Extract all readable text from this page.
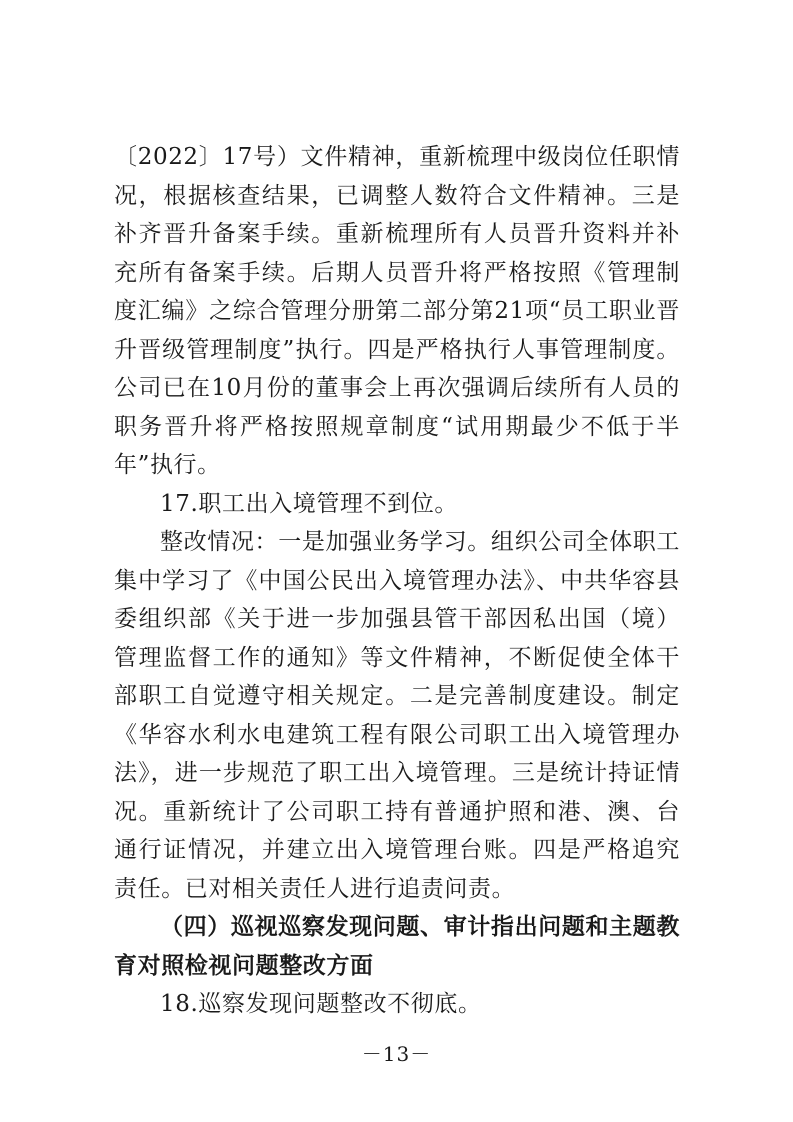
〔2022〕17号）文件精神，重新梳理中级岗位任职情况，根据核查结果，已调整人数符合文件精神。三是补齐晋升备案手续。重新梳理所有人员晋升资料并补充所有备案手续。后期人员晋升将严格按照《管理制度汇编》之综合管理分册第二部分第21项“员工职业晋升晋级管理制度”执行。四是严格执行人事管理制度。公司已在10月份的董事会上再次强调后续所有人员的职务晋升将严格按照规章制度“试用期最少不低于半年”执行。

17.职工出入境管理不到位。

整改情况：一是加强业务学习。组织公司全体职工集中学习了《中国公民出入境管理办法》、中共华容县委组织部《关于进一步加强县管干部因私出国（境）管理监督工作的通知》等文件精神，不断促使全体干部职工自觉遵守相关规定。二是完善制度建设。制定《华容水利水电建筑工程有限公司职工出入境管理办法》，进一步规范了职工出入境管理。三是统计持证情况。重新统计了公司职工持有普通护照和港、澳、台通行证情况，并建立出入境管理台账。四是严格追究责任。已对相关责任人进行追责问责。

（四）巡视巡察发现问题、审计指出问题和主题教育对照检视问题整改方面

18.巡察发现问题整改不彻底。

－13－
